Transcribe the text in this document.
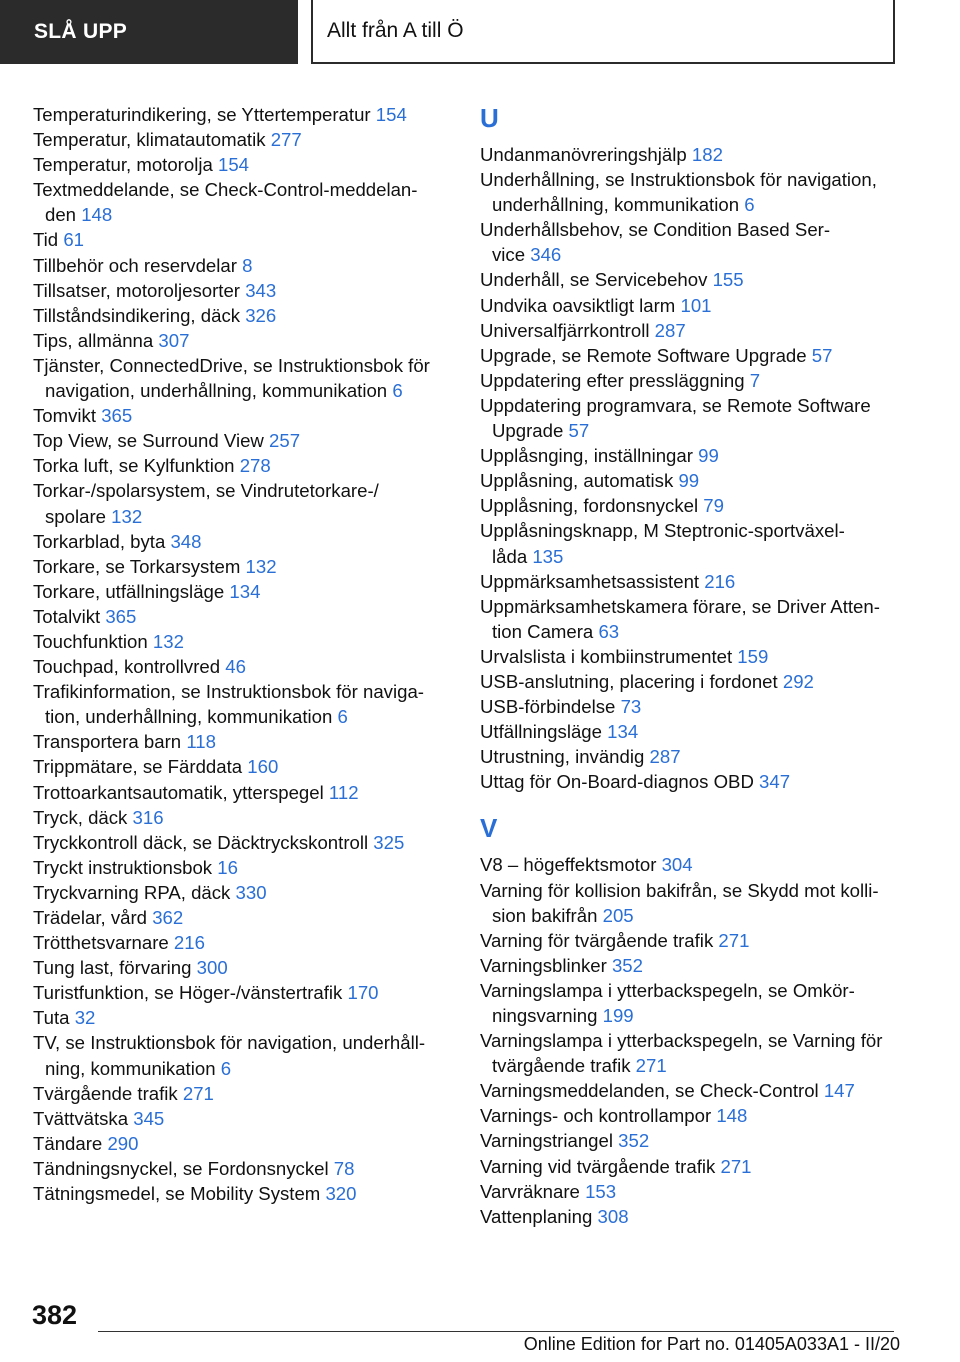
SLÅ UPP	Allt från A till Ö
Temperaturindikering, se Yttertemperatur 154
Temperatur, klimatautomatik 277
Temperatur, motorolja 154
Textmeddelande, se Check-Control-meddelan-
den 148
Tid 61
Tillbehör och reservdelar 8
Tillsatser, motoroljesorter 343
Tillståndsindikering, däck 326
Tips, allmänna 307
Tjänster, ConnectedDrive, se Instruktionsbok för
navigation, underhållning, kommunikation 6
Tomvikt 365
Top View, se Surround View 257
Torka luft, se Kylfunktion 278
Torkar-/spolarsystem, se Vindrutetorkare-/
spolare 132
Torkarblad, byta 348
Torkare, se Torkarsystem 132
Torkare, utfällningsläge 134
Totalvikt 365
Touchfunktion 132
Touchpad, kontrollvred 46
Trafikinformation, se Instruktionsbok för naviga-
tion, underhållning, kommunikation 6
Transportera barn 118
Trippmätare, se Färddata 160
Trottoarkantsautomatik, ytterspegel 112
Tryck, däck 316
Tryckkontroll däck, se Däcktryckskontroll 325
Tryckt instruktionsbok 16
Tryckvarning RPA, däck 330
Trädelar, vård 362
Trötthetsvarnare 216
Tung last, förvaring 300
Turistfunktion, se Höger-/vänstertrafik 170
Tuta 32
TV, se Instruktionsbok för navigation, underhåll-
ning, kommunikation 6
Tvärgående trafik 271
Tvättvätska 345
Tändare 290
Tändningsnyckel, se Fordonsnyckel 78
Tätningsmedel, se Mobility System 320
U
Undanmanövreringshjälp 182
Underhållning, se Instruktionsbok för navigation,
underhållning, kommunikation 6
Underhållsbehov, se Condition Based Ser-
vice 346
Underhåll, se Servicebehov 155
Undvika oavsiktligt larm 101
Universalfjärrkontroll 287
Upgrade, se Remote Software Upgrade 57
Uppdatering efter pressläggning 7
Uppdatering programvara, se Remote Software
Upgrade 57
Upplåsnging, inställningar 99
Upplåsning, automatisk 99
Upplåsning, fordonsnyckel 79
Upplåsningsknapp, M Steptronic-sportväxel-
låda 135
Uppmärksamhetsassistent 216
Uppmärksamhetskamera förare, se Driver Atten-
tion Camera 63
Urvalslista i kombiinstrumentet 159
USB-anslutning, placering i fordonet 292
USB-förbindelse 73
Utfällningsläge 134
Utrustning, invändig 287
Uttag för On-Board-diagnos OBD 347
V
V8 – högeffektsmotor 304
Varning för kollision bakifrån, se Skydd mot kolli-
sion bakifrån 205
Varning för tvärgående trafik 271
Varningsblinker 352
Varningslampa i ytterbackspegeln, se Omkör-
ningsvarning 199
Varningslampa i ytterbackspegeln, se Varning för
tvärgående trafik 271
Varningsmeddelanden, se Check-Control 147
Varnings- och kontrollampor 148
Varningstriangel 352
Varning vid tvärgående trafik 271
Varvräknare 153
Vattenplaning 308
382
Online Edition for Part no. 01405A033A1 - II/20
